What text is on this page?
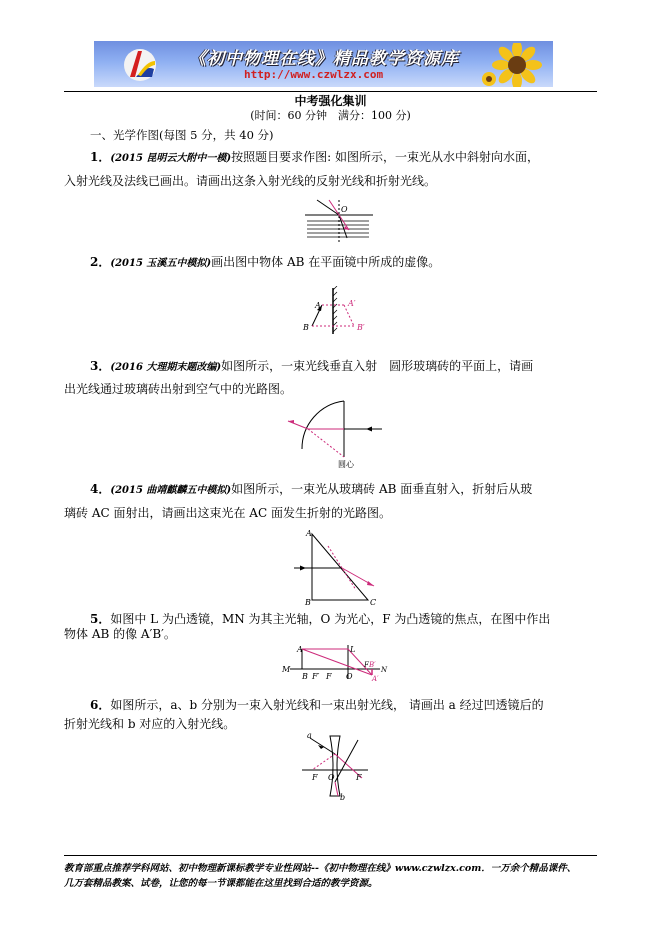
《初中物理在线》精品教学资源库
http://www.czwlzx.com
中考强化集训
(时间：60 分钟　满分：100 分)
一、光学作图(每图 5 分，共 40 分)
1．(2015 昆明云大附中一模)按照题目要求作图: 如图所示，一束光从水中斜射向水面，
入射光线及法线已画出。请画出这条入射光线的反射光线和折射光线。
O
2．(2015 玉溪五中模拟)画出图中物体 AB 在平面镜中所成的虚像。
A
B
A′
B′
3．(2016 大理期末题改编)如图所示，一束光线垂直入射　圆形玻璃砖的平面上，请画
出光线通过玻璃砖出射到空气中的光路图。
圆心
4．(2015 曲靖麒麟五中模拟)如图所示，一束光从玻璃砖 AB 面垂直射入，折射后从玻
璃砖 AC 面射出，请画出这束光在 AC 面发生折射的光路图。
A
B	C
5．如图中 L 为凸透镜，MN 为其主光轴，O 为光心，F 为凸透镜的焦点，在图中作出
物体 AB 的像 A′B′。
A
B
M
F′ F
L
O
F B′
A′
N
6．如图所示，a、b 分别为一束入射光线和一束出射光线， 请画出 a 经过凹透镜后的
折射光线和 b 对应的入射光线。
a
b
F O	F
教育部重点推荐学科网站、初中物理新课标教学专业性网站--《初中物理在线》www.czwlzx.com．一万余个精品课件、
几万套精品教案、试卷，让您的每一节课都能在这里找到合适的教学资源。
